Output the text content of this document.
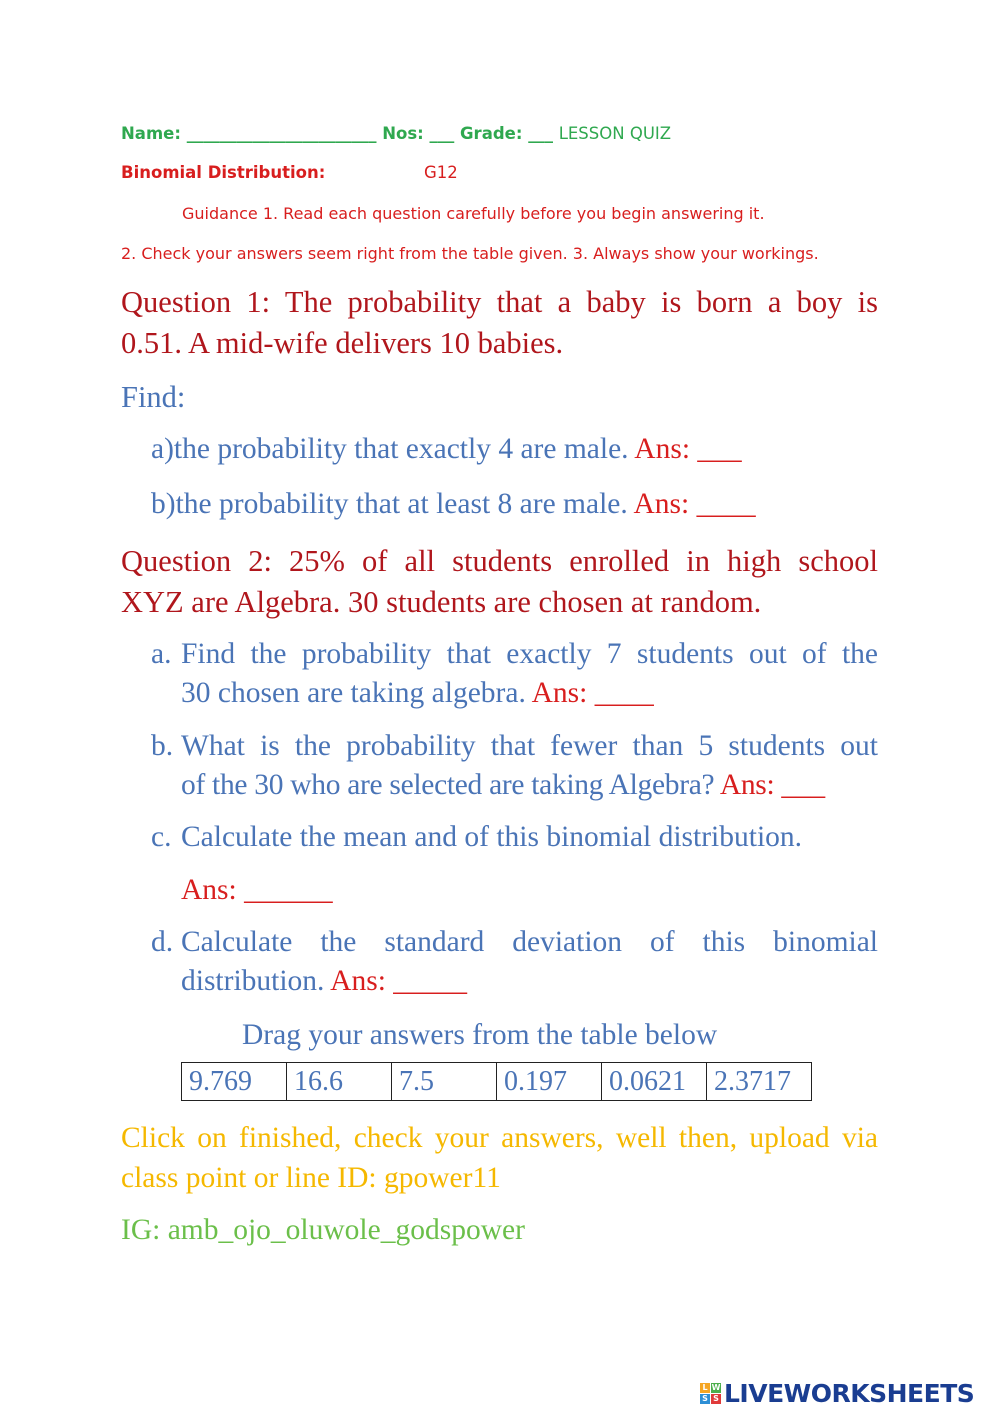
Name: _______________________ Nos: ___ Grade: ___ LESSON QUIZ
Binomial Distribution:	G12
Guidance 1. Read each question carefully before you begin answering it.
2. Check your answers seem right from the table given. 3. Always show your workings.
Question 1: The probability that a baby is born a boy is
0.51. A mid-wife delivers 10 babies.
Find:
a)the probability that exactly 4 are male. Ans: ___
b)the probability that at least 8 are male. Ans: ____
Question 2: 25% of all students enrolled in high school
XYZ are Algebra. 30 students are chosen at random.
a. Find the probability that exactly 7 students out of the
30 chosen are taking algebra. Ans: ____
b. What is the probability that fewer than 5 students out
of the 30 who are selected are taking Algebra? Ans: ___
c. Calculate the mean and of this binomial distribution.
Ans: ______
d. Calculate the standard deviation of this binomial
distribution. Ans: _____
Drag your answers from the table below
9.769	16.6	7.5	0.197	0.0621	2.3717
Click on finished, check your answers, well then, upload via
class point or line ID: gpower11
IG: amb_ojo_oluwole_godspower
L W
S S LIVEWORKSHEETS
